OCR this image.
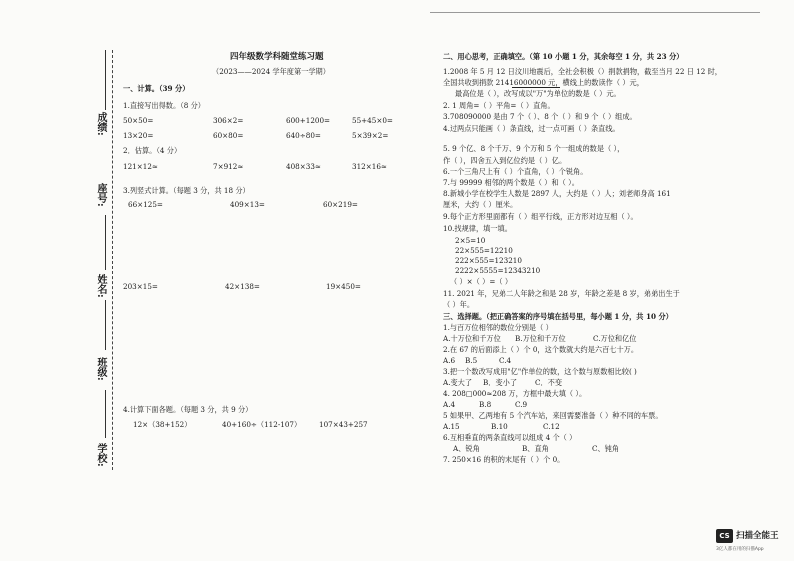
成绩:
座号:
姓名:
班级:
学校:
四年级数学科随堂练习题
（2023——2024 学年度第一学期）
一、计算。（39 分）
1.直接写出得数。（8 分）
50×50=	306×2=	600+1200=	55+45×0=
13×20=	60×80=	640÷80=	5×39×2=
2．估算。（4 分）
121×12≈	7×912≈	408×33≈	312×16≈
3.列竖式计算。（每题 3 分，共 18 分）
66×125=	409×13=	60×219=
203×15=	42×138=	19×450=
4.计算下面各题。（每题 3 分，共 9 分）
12×（38+152）	40+160÷（112-107） 107×43+257
二、用心思考，正确填空。（第 10 小题 1 分，其余每空 1 分，共 23 分）
1.2008 年 5 月 12 日汶川地震后，全社会积极（）捐款捐物，截至当月 22 日 12 时，
全国共收到捐款 21416000000 元，横线上的数读作（ ）元，
最高位是（ ），改写成以"万"为单位的数是（ ）元。
2. 1 周角=（ ）平角=（ ）直角。
3.708090000 是由 7 个（ ）、8 个（ ）和 9 个（ ）组成。
4.过两点只能画（ ）条直线，过一点可画（ ）条直线。
5. 9 个亿、8 个千万、9 个万和 5 个一组成的数是（ ），
作（ ），四舍五入到亿位约是（ ）亿。
6.一个三角尺上有（ ）个直角，（ ）个锐角。
7.与 99999 相邻的两个数是（ ）和（ ）。
8.新城小学在校学生人数是 2897 人，大约是（ ）人；刘老师身高 161
厘米，大约（ ）厘米。
9.每个正方形里面都有（ ）组平行线，正方形对边互相（ ）。
10.找规律，填一填。
2×5=10
22×555=12210
222×555=123210
2222×5555=12343210
（ ）×（ ）=（ ）
11. 2021 年，兄弟二人年龄之和是 28 岁，年龄之差是 8 岁，弟弟出生于
（ ）年。
三、选择题。（把正确答案的序号填在括号里，每小题 1 分，共 10 分）
1.与百万位相邻的数位分别是（ ）
A.十万位和千万位 B.万位和千万位	C.万位和亿位
2.在 67 的后面添上（ ）个 0，这个数就大约是六百七十万。
A.6 B.5	C.4
3.把一个数改写成用"亿"作单位的数，这个数与原数相比较( )
A.变大了 B．变小了 C．不变
4. 208□000≈208 万，方框中最大填（ ）。
A.4	B.8	C.9
5 如果甲、乙两地有 5 个汽车站，来回需要准备（ ）种不同的车票。
A.15	B.10	C.12
6.互相垂直的两条直线可以组成 4 个（ ）
A、锐角	B、直角	C、钝角
7. 250×16 的积的末尾有（ ）个 0。
CS 扫描全能王
3亿人都在用的扫描App
